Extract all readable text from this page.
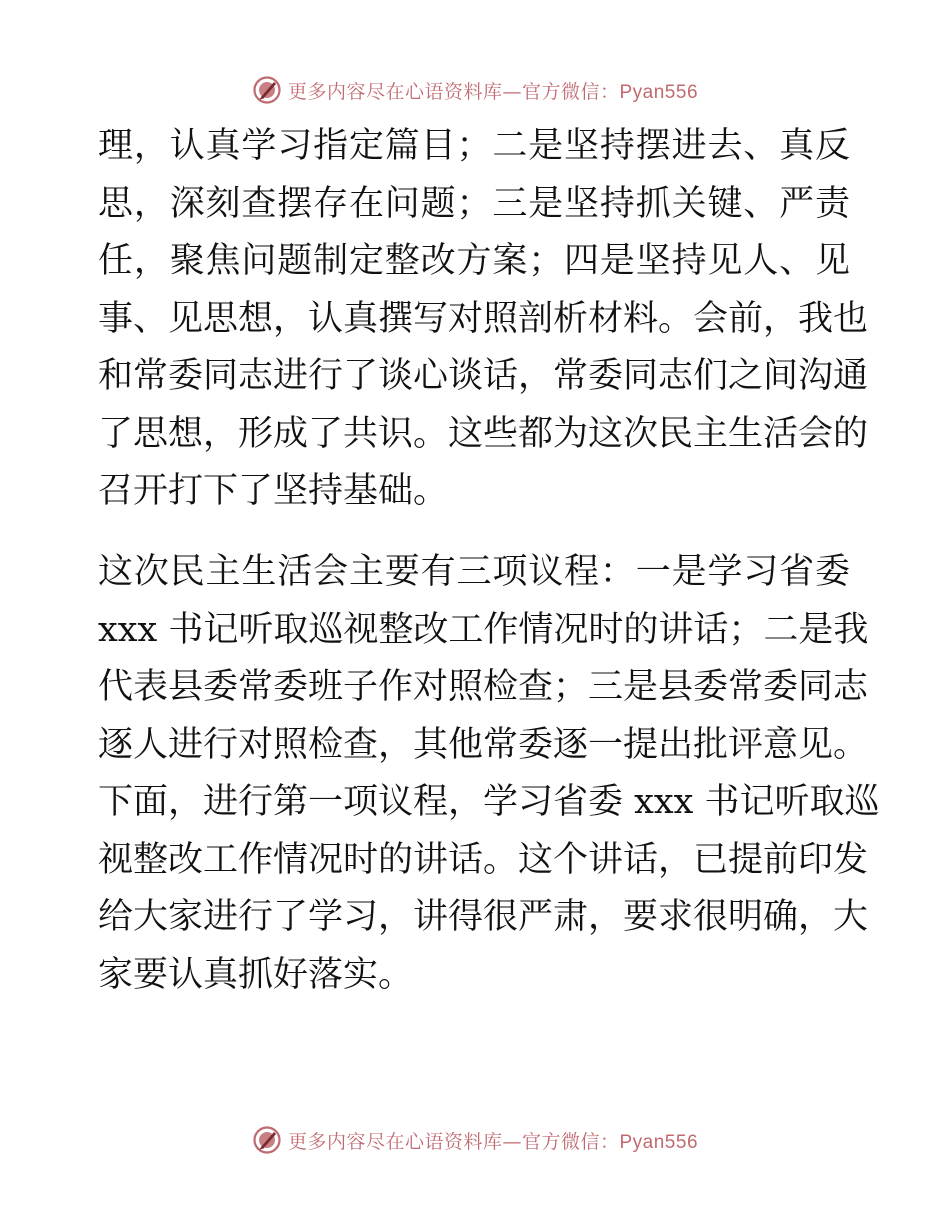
更多内容尽在心语资料库—官方微信：Pyan556
理，认真学习指定篇目；二是坚持摆进去、真反
思，深刻查摆存在问题；三是坚持抓关键、严责
任，聚焦问题制定整改方案；四是坚持见人、见
事、见思想，认真撰写对照剖析材料。会前，我也
和常委同志进行了谈心谈话，常委同志们之间沟通
了思想，形成了共识。这些都为这次民主生活会的
召开打下了坚持基础。
这次民主生活会主要有三项议程：一是学习省委
xxx 书记听取巡视整改工作情况时的讲话；二是我
代表县委常委班子作对照检查；三是县委常委同志
逐人进行对照检查，其他常委逐一提出批评意见。
下面，进行第一项议程，学习省委 xxx 书记听取巡
视整改工作情况时的讲话。这个讲话，已提前印发
给大家进行了学习，讲得很严肃，要求很明确，大
家要认真抓好落实。
更多内容尽在心语资料库—官方微信：Pyan556
